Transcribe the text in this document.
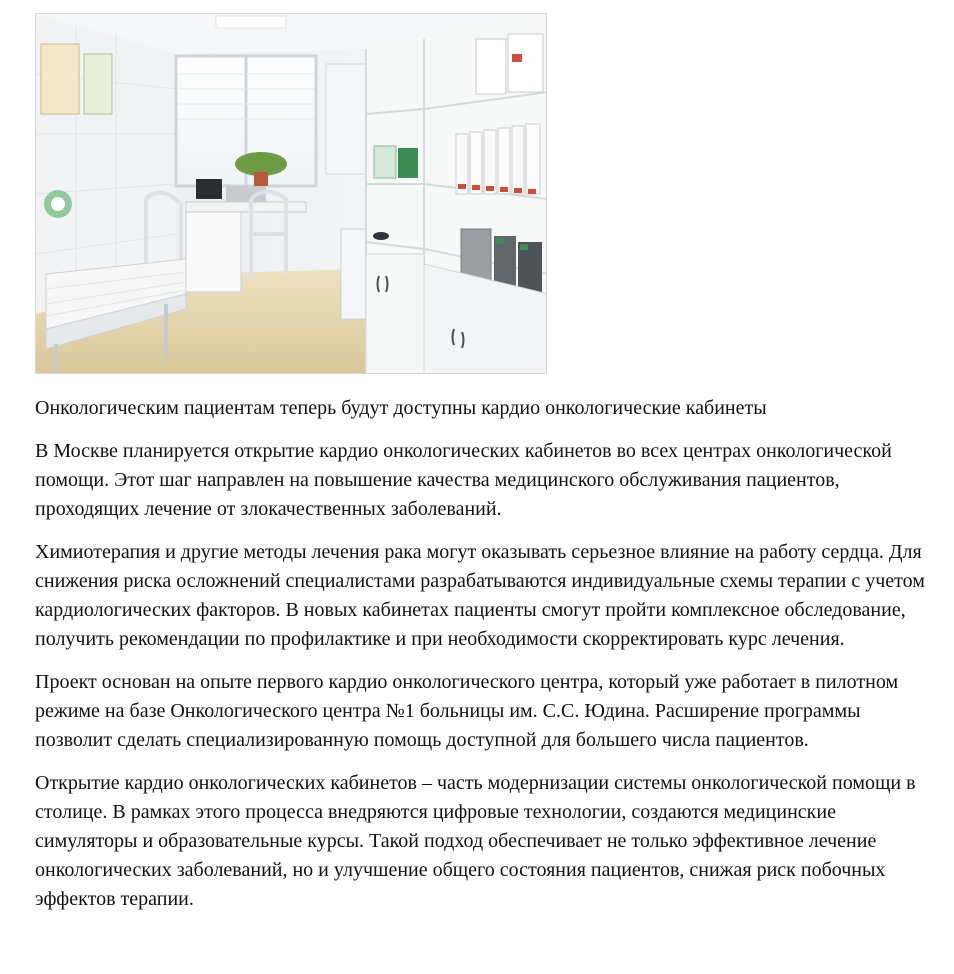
Онкологическим пациентам теперь будут доступны кардио онкологические кабинеты

В Москве планируется открытие кардио онкологических кабинетов во всех центрах онкологической помощи. Этот шаг направлен на повышение качества медицинского обслуживания пациентов, проходящих лечение от злокачественных заболеваний.

Химиотерапия и другие методы лечения рака могут оказывать серьезное влияние на работу сердца. Для снижения риска осложнений специалистами разрабатываются индивидуальные схемы терапии с учетом кардиологических факторов. В новых кабинетах пациенты смогут пройти комплексное обследование, получить рекомендации по профилактике и при необходимости скорректировать курс лечения.

Проект основан на опыте первого кардио онкологического центра, который уже работает в пилотном режиме на базе Онкологического центра №1 больницы им. С.С. Юдина. Расширение программы позволит сделать специализированную помощь доступной для большего числа пациентов.

Открытие кардио онкологических кабинетов – часть модернизации системы онкологической помощи в столице. В рамках этого процесса внедряются цифровые технологии, создаются медицинские симуляторы и образовательные курсы. Такой подход обеспечивает не только эффективное лечение онкологических заболеваний, но и улучшение общего состояния пациентов, снижая риск побочных эффектов терапии.
